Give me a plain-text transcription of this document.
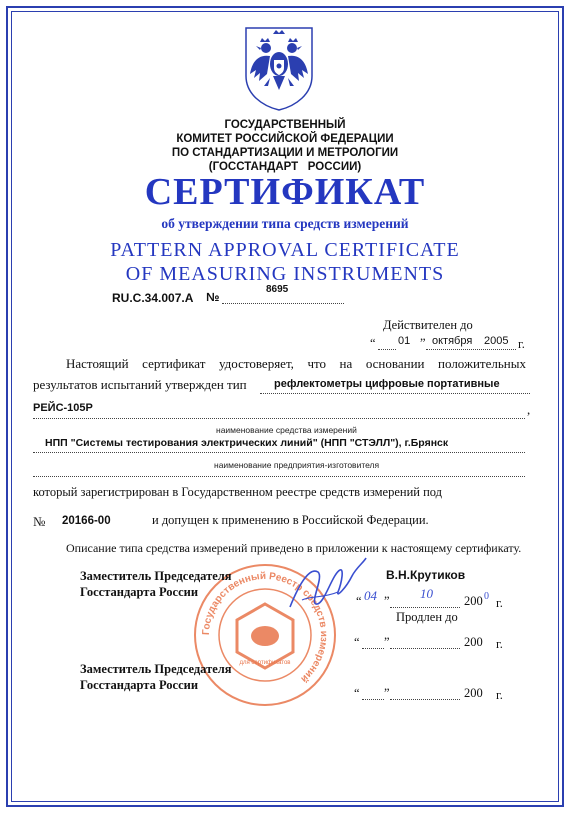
ГОСУДАРСТВЕННЫЙ
КОМИТЕТ РОССИЙСКОЙ ФЕДЕРАЦИИ
ПО СТАНДАРТИЗАЦИИ И МЕТРОЛОГИИ
(ГОССТАНДАРТ   РОССИИ)
СЕРТИФИКАТ
об утверждении типа средств измерений
PATTERN APPROVAL CERTIFICATE
OF MEASURING INSTRUMENTS
RU.C.34.007.A №
8695
Действителен до
“ 01 ” октября 2005 г.
Настоящий сертификат удостоверяет, что на основании положительных
результатов испытаний утвержден тип рефлектометры цифровые портативные
РЕЙС-105Р	,
наименование средства измерений
НПП "Системы тестирования электрических линий" (НПП "СТЭЛЛ"), г.Брянск
наименование предприятия-изготовителя
который зарегистрирован в Государственном реестре средств измерений под
№ 20166-00	и допущен к применению в Российской Федерации.
Описание типа средства измерений приведено в приложении к настоящему сертификату.
Государственный Реестр средств измерений
для сертификатов
Заместитель Председателя
Госстандарта России
В.Н.Крутиков
“ 04 ” 10 200 0 г.
Продлен до
“ ”	200 г.
Заместитель Председателя
Госстандарта России
“ ”	200 г.
